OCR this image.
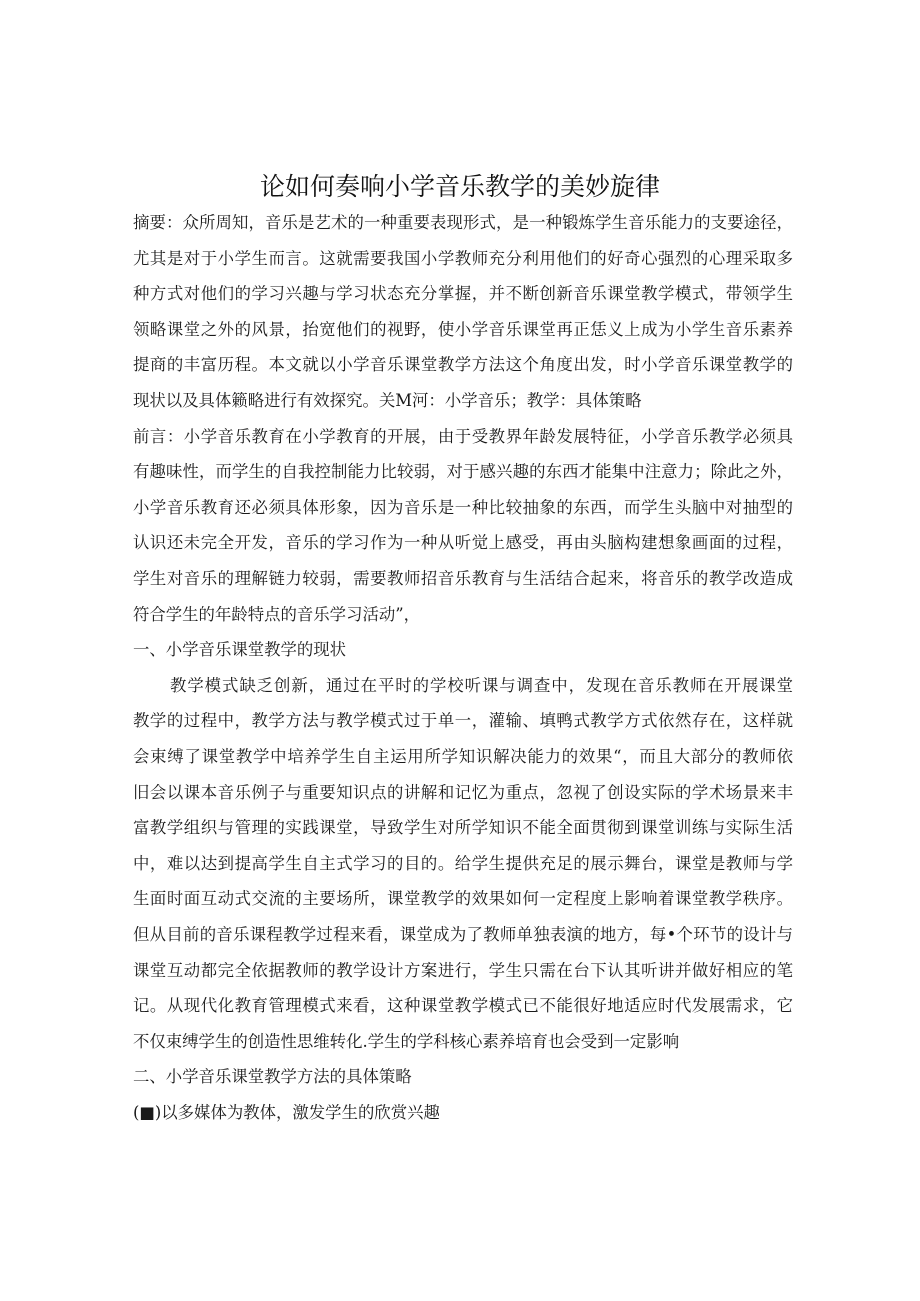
论如何奏响小学音乐教学的美妙旋律
摘要：众所周知，音乐是艺术的一种重要表现形式，是一种锻炼学生音乐能力的支要途径，
尤其是对于小学生而言。这就需要我国小学教师充分利用他们的好奇心强烈的心理采取多
种方式对他们的学习兴趣与学习状态充分掌握，并不断创新音乐课堂教学模式，带领学生
领略课堂之外的风景，抬宽他们的视野，使小学音乐课堂再正恁义上成为小学生音乐素养
提商的丰富历程。本文就以小学音乐课堂教学方法这个角度出发，时小学音乐课堂教学的
现状以及具体籁略进行有效探究。关M河：小学音乐；教学：具体策略
前言：小学音乐教育在小学教育的开展，由于受教界年龄发展特征，小学音乐教学必须具
有趣味性，而学生的自我控制能力比较弱，对于感兴趣的东西才能集中注意力；除此之外，
小学音乐教育还必须具体形象，因为音乐是一种比较抽象的东西，而学生头脑中对抽型的
认识还未完全开发，音乐的学习作为一种从听觉上感受，再由头脑构建想象画面的过程，
学生对音乐的理解链力较弱，需要教师招音乐教育与生活结合起来，将音乐的教学改造成
符合学生的年龄特点的音乐学习活动”，
一、小学音乐课堂教学的现状
教学模式缺乏创新，通过在平时的学校听课与调查中，发现在音乐教师在开展课堂
教学的过程中，教学方法与教学模式过于单一，灌输、填鸭式教学方式依然存在，这样就
会束缚了课堂教学中培养学生自主运用所学知识解决能力的效果“，而且大部分的教师依
旧会以课本音乐例子与重要知识点的讲解和记忆为重点，忽视了创设实际的学术场景来丰
富教学组织与管理的实践课堂，导致学生对所学知识不能全面贯彻到课堂训练与实际生活
中，难以达到提高学生自主式学习的目的。给学生提供充足的展示舞台，课堂是教师与学
生面时面互动式交流的主要场所，课堂教学的效果如何一定程度上影响着课堂教学秩序。
但从目前的音乐课程教学过程来看，课堂成为了教师单独表演的地方，每•个环节的设计与
课堂互动都完全依据教师的教学设计方案进行，学生只需在台下认其听讲并做好相应的笔
记。从现代化教育管理模式来看，这种课堂教学模式已不能很好地适应时代发展需求，它
不仅束缚学生的创造性思维转化.学生的学科核心素养培育也会受到一定影响
二、小学音乐课堂教学方法的具体策略
(■)以多媒体为教体，激发学生的欣赏兴趣
